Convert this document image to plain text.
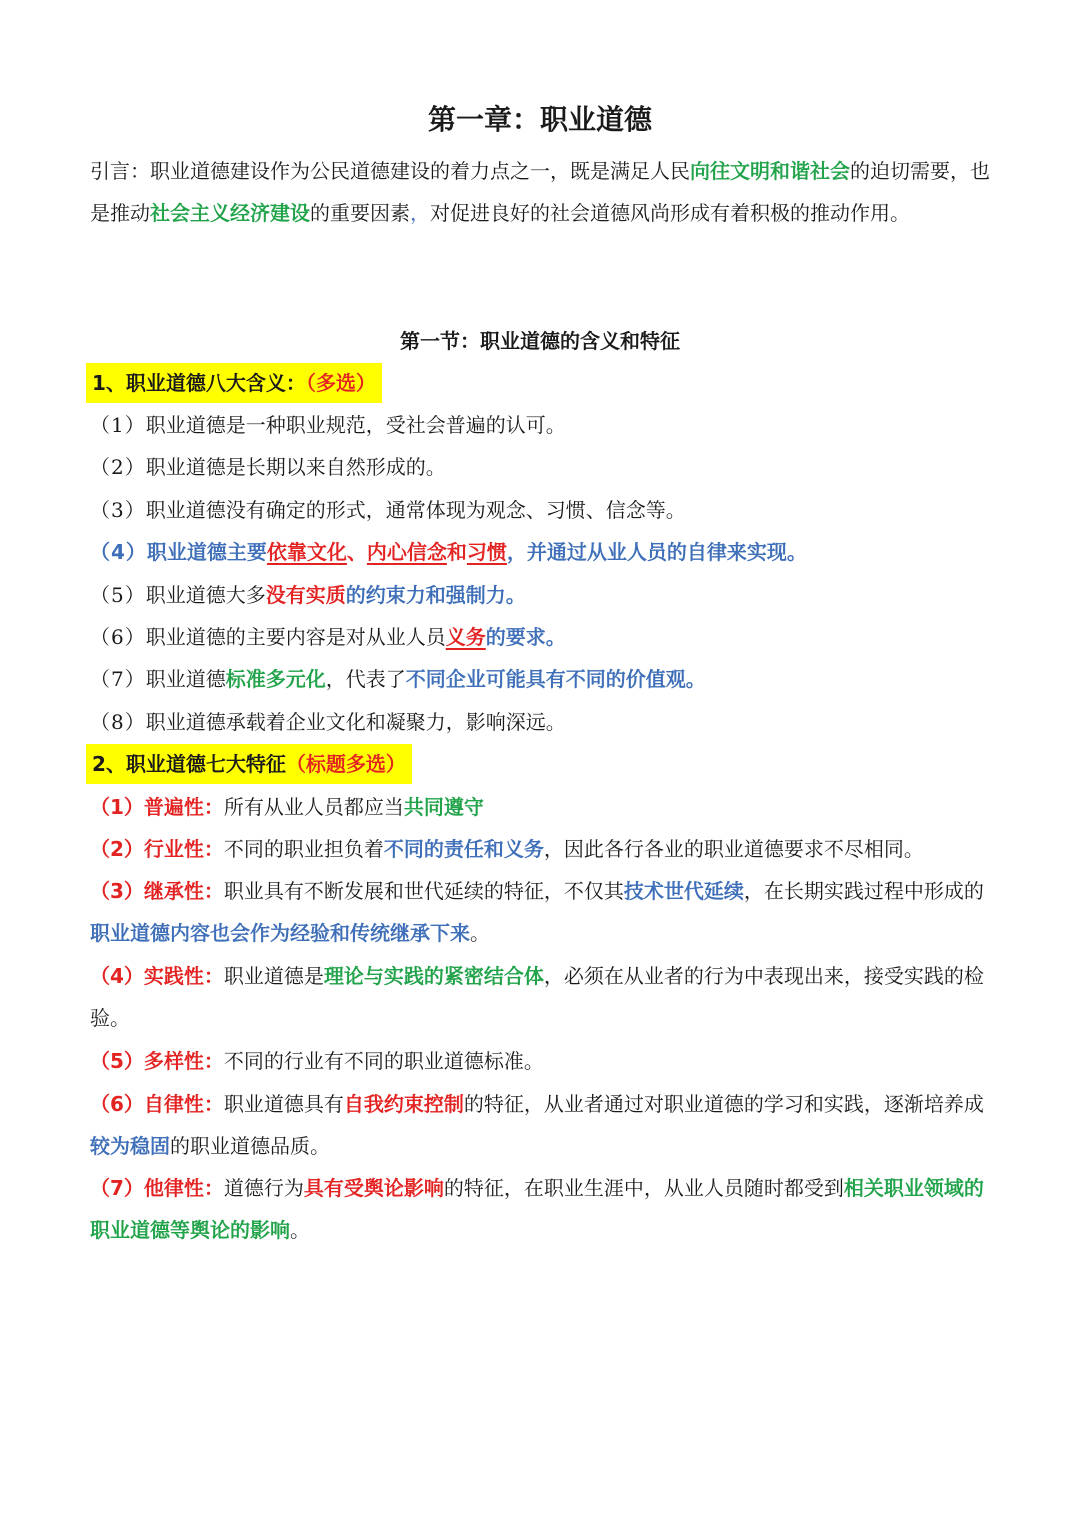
第一章：职业道德

引言：职业道德建设作为公民道德建设的着力点之一，既是满足人民向往文明和谐社会的迫切需要，也是推动社会主义经济建设的重要因素，对促进良好的社会道德风尚形成有着积极的推动作用。

第一节：职业道德的含义和特征
1、职业道德八大含义：（多选）

（1）职业道德是一种职业规范，受社会普遍的认可。

（2）职业道德是长期以来自然形成的。

（3）职业道德没有确定的形式，通常体现为观念、习惯、信念等。

（4）职业道德主要依靠文化、内心信念和习惯，并通过从业人员的自律来实现。

（5）职业道德大多没有实质的约束力和强制力。

（6）职业道德的主要内容是对从业人员义务的要求。

（7）职业道德标准多元化，代表了不同企业可能具有不同的价值观。

（8）职业道德承载着企业文化和凝聚力，影响深远。

2、职业道德七大特征（标题多选）

（1）普遍性：所有从业人员都应当共同遵守

（2）行业性：不同的职业担负着不同的责任和义务，因此各行各业的职业道德要求不尽相同。

（3）继承性：职业具有不断发展和世代延续的特征，不仅其技术世代延续，在长期实践过程中形成的职业道德内容也会作为经验和传统继承下来。

（4）实践性：职业道德是理论与实践的紧密结合体，必须在从业者的行为中表现出来，接受实践的检验。

（5）多样性：不同的行业有不同的职业道德标准。

（6）自律性：职业道德具有自我约束控制的特征，从业者通过对职业道德的学习和实践，逐渐培养成较为稳固的职业道德品质。

（7）他律性：道德行为具有受舆论影响的特征，在职业生涯中，从业人员随时都受到相关职业领域的职业道德等舆论的影响。
